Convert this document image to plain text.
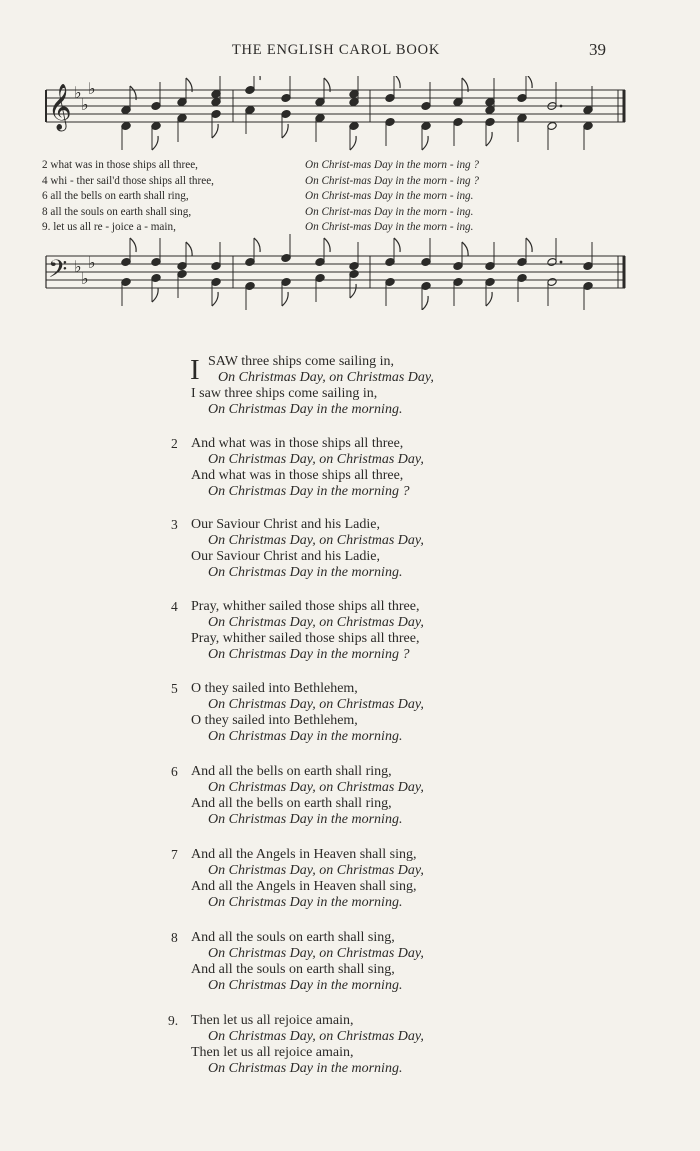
THE ENGLISH CAROL BOOK	39
𝄞
𝄢
♭
♭
♭
♭
♭
♭
2 what was in those ships all three,	On Christ-mas Day in the morn - ing ?
4 whi - ther sail'd those ships all three,	On Christ-mas Day in the morn - ing ?
6 all the bells on earth shall ring,	On Christ-mas Day in the morn - ing.
8 all the souls on earth shall sing,	On Christ-mas Day in the morn - ing.
9. let us all re - joice a - main,	On Christ-mas Day in the morn - ing.
I SAW three ships come sailing in,
On Christmas Day, on Christmas Day,
I saw three ships come sailing in,
On Christmas Day in the morning.
2 And what was in those ships all three,
On Christmas Day, on Christmas Day,
And what was in those ships all three,
On Christmas Day in the morning ?
3 Our Saviour Christ and his Ladie,
On Christmas Day, on Christmas Day,
Our Saviour Christ and his Ladie,
On Christmas Day in the morning.
4 Pray, whither sailed those ships all three,
On Christmas Day, on Christmas Day,
Pray, whither sailed those ships all three,
On Christmas Day in the morning ?
5 O they sailed into Bethlehem,
On Christmas Day, on Christmas Day,
O they sailed into Bethlehem,
On Christmas Day in the morning.
6 And all the bells on earth shall ring,
On Christmas Day, on Christmas Day,
And all the bells on earth shall ring,
On Christmas Day in the morning.
7 And all the Angels in Heaven shall sing,
On Christmas Day, on Christmas Day,
And all the Angels in Heaven shall sing,
On Christmas Day in the morning.
8 And all the souls on earth shall sing,
On Christmas Day, on Christmas Day,
And all the souls on earth shall sing,
On Christmas Day in the morning.
9. Then let us all rejoice amain,
On Christmas Day, on Christmas Day,
Then let us all rejoice amain,
On Christmas Day in the morning.
